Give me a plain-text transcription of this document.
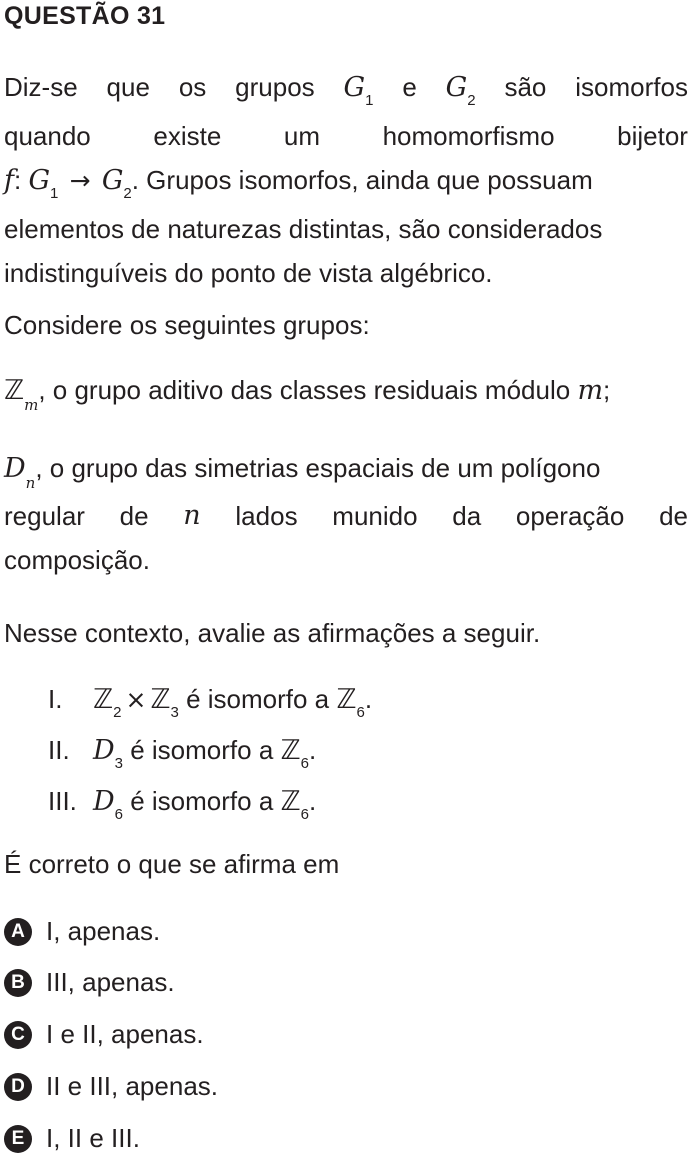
QUESTÃO 31
Diz-se que os grupos $G_1$ e $G_2$ são isomorfos
quando existe um homomorfismo bijetor
f: $G_1 \to G_2$. Grupos isomorfos, ainda que possuam
elementos de naturezas distintas, são considerados
indistinguíveis do ponto de vista algébrico.
Considere os seguintes grupos:
ℤ$_m$, o grupo aditivo das classes residuais módulo m;
$D_n$, o grupo das simetrias espaciais de um polígono
regular de n lados munido da operação de
composição.
Nesse contexto, avalie as afirmações a seguir.
I. ℤ$_2$ × ℤ$_3$ é isomorfo a ℤ$_6$.
II. $D_3$ é isomorfo a ℤ$_6$.
III. $D_6$ é isomorfo a ℤ$_6$.
É correto o que se afirma em
A I, apenas.
B III, apenas.
C I e II, apenas.
D II e III, apenas.
E I, II e III.
